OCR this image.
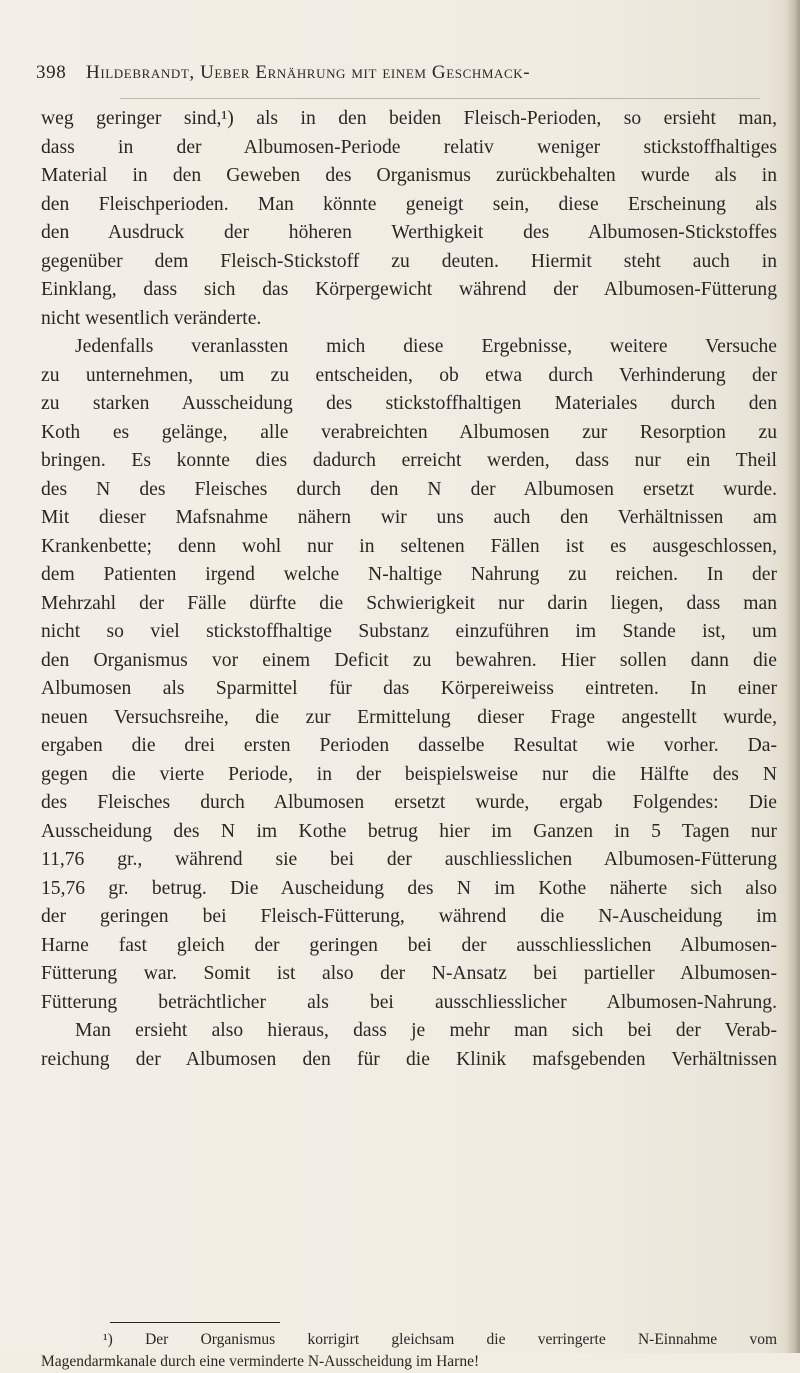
398 Hildebrandt, Ueber Ernährung mit einem Geschmack-
weg geringer sind,¹) als in den beiden Fleisch-Perioden, so ersieht man,
dass in der Albumosen-Periode relativ weniger stickstoffhaltiges
Material in den Geweben des Organismus zurückbehalten wurde als in
den Fleischperioden. Man könnte geneigt sein, diese Erscheinung als
den Ausdruck der höheren Werthigkeit des Albumosen-Stickstoffes
gegenüber dem Fleisch-Stickstoff zu deuten. Hiermit steht auch in
Einklang, dass sich das Körpergewicht während der Albumosen-Fütterung
nicht wesentlich veränderte.
Jedenfalls veranlassten mich diese Ergebnisse, weitere Versuche
zu unternehmen, um zu entscheiden, ob etwa durch Verhinderung der
zu starken Ausscheidung des stickstoffhaltigen Materiales durch den
Koth es gelänge, alle verabreichten Albumosen zur Resorption zu
bringen. Es konnte dies dadurch erreicht werden, dass nur ein Theil
des N des Fleisches durch den N der Albumosen ersetzt wurde.
Mit dieser Mafsnahme nähern wir uns auch den Verhältnissen am
Krankenbette; denn wohl nur in seltenen Fällen ist es ausgeschlossen,
dem Patienten irgend welche N-haltige Nahrung zu reichen. In der
Mehrzahl der Fälle dürfte die Schwierigkeit nur darin liegen, dass man
nicht so viel stickstoffhaltige Substanz einzuführen im Stande ist, um
den Organismus vor einem Deficit zu bewahren. Hier sollen dann die
Albumosen als Sparmittel für das Körpereiweiss eintreten. In einer
neuen Versuchsreihe, die zur Ermittelung dieser Frage angestellt wurde,
ergaben die drei ersten Perioden dasselbe Resultat wie vorher. Da-
gegen die vierte Periode, in der beispielsweise nur die Hälfte des N
des Fleisches durch Albumosen ersetzt wurde, ergab Folgendes: Die
Ausscheidung des N im Kothe betrug hier im Ganzen in 5 Tagen nur
11,76 gr., während sie bei der auschliesslichen Albumosen-Fütterung
15,76 gr. betrug. Die Auscheidung des N im Kothe näherte sich also
der geringen bei Fleisch-Fütterung, während die N-Auscheidung im
Harne fast gleich der geringen bei der ausschliesslichen Albumosen-
Fütterung war. Somit ist also der N-Ansatz bei partieller Albumosen-
Fütterung beträchtlicher als bei ausschliesslicher Albumosen-Nahrung.
Man ersieht also hieraus, dass je mehr man sich bei der Verab-
reichung der Albumosen den für die Klinik mafsgebenden Verhältnissen
¹) Der Organismus korrigirt gleichsam die verringerte N-Einnahme vom
Magendarmkanale durch eine verminderte N-Ausscheidung im Harne!
